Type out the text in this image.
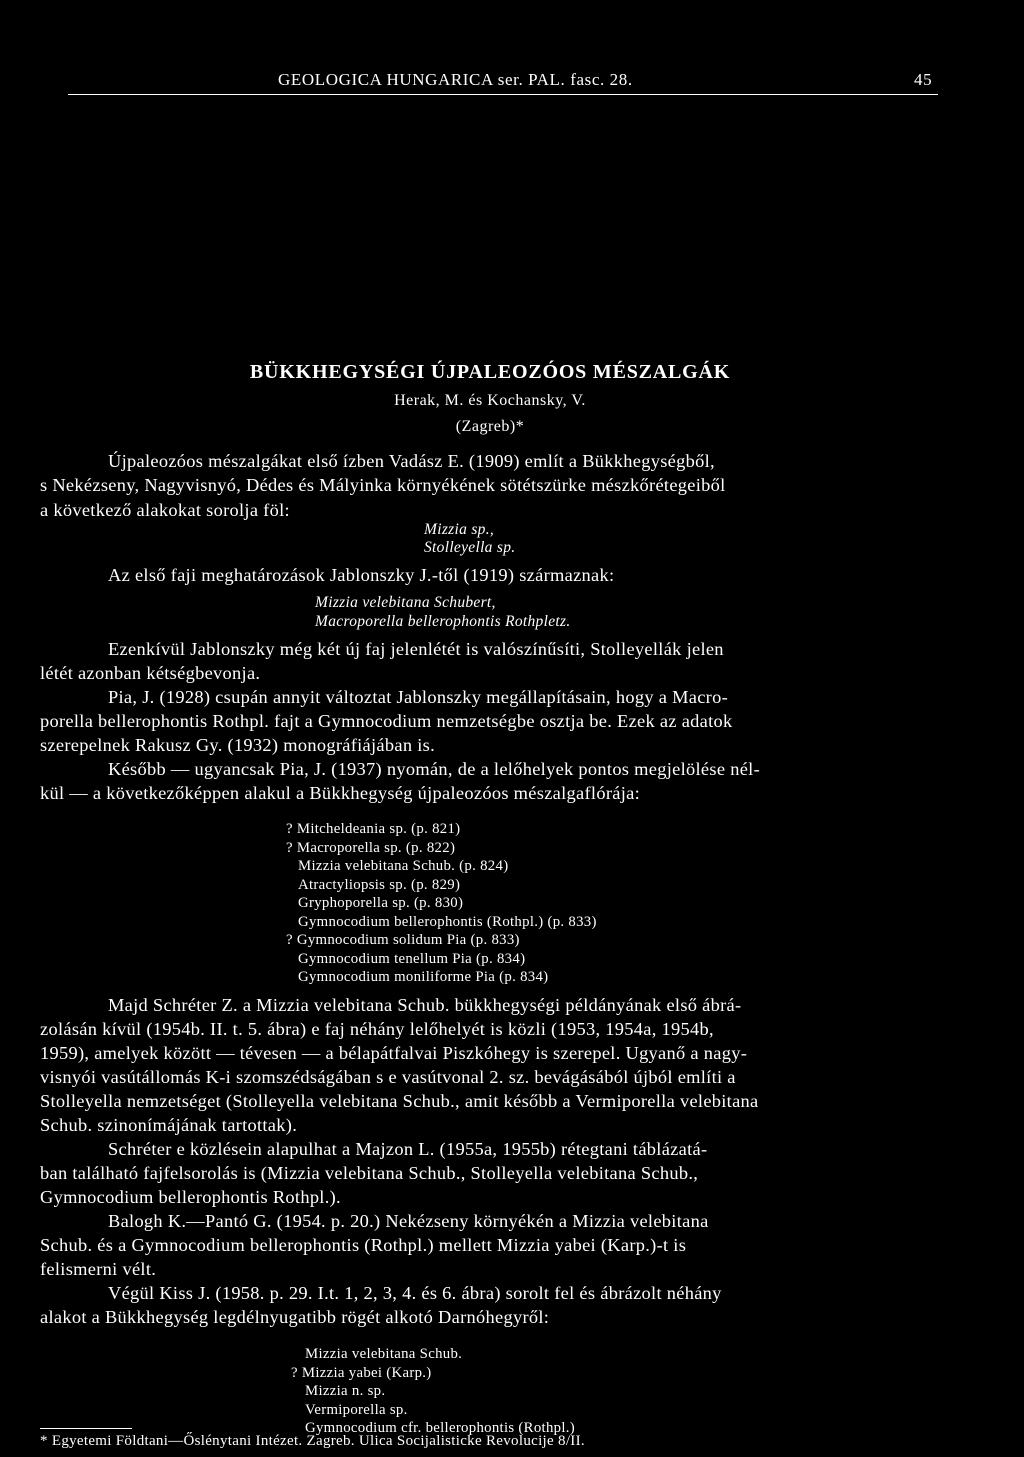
GEOLOGICA HUNGARICA ser. PAL. fasc. 28.	45
BÜKKHEGYSÉGI ÚJPALEOZÓOS MÉSZALGÁK
Herak, M. és Kochansky, V.
(Zagreb)*
Újpaleozóos mészalgákat első ízben Vadász E. (1909) említ a Bükkhegységből,
s Nekézseny, Nagyvisnyó, Dédes és Mályinka környékének sötétszürke mészkőrétegeiből
a következő alakokat sorolja föl:
Mizzia sp.,
Stolleyella sp.
Az első faji meghatározások Jablonszky J.-től (1919) származnak:
Mizzia velebitana Schubert,
Macroporella bellerophontis Rothpletz.
Ezenkívül Jablonszky még két új faj jelenlétét is valószínűsíti, Stolleyellák jelen
létét azonban kétségbevonja.
Pia, J. (1928) csupán annyit változtat Jablonszky megállapításain, hogy a Macro-
porella bellerophontis Rothpl. fajt a Gymnocodium nemzetségbe osztja be. Ezek az adatok
szerepelnek Rakusz Gy. (1932) monográfiájában is.
Később — ugyancsak Pia, J. (1937) nyomán, de a lelőhelyek pontos megjelölése nél-
kül — a következőképpen alakul a Bükkhegység újpaleozóos mészalgaflórája:
? Mitcheldeania sp. (p. 821)
? Macroporella sp. (p. 822)
Mizzia velebitana Schub. (p. 824)
Atractyliopsis sp. (p. 829)
Gryphoporella sp. (p. 830)
Gymnocodium bellerophontis (Rothpl.) (p. 833)
? Gymnocodium solidum Pia (p. 833)
Gymnocodium tenellum Pia (p. 834)
Gymnocodium moniliforme Pia (p. 834)
Majd Schréter Z. a Mizzia velebitana Schub. bükkhegységi példányának első ábrá-
zolásán kívül (1954b. II. t. 5. ábra) e faj néhány lelőhelyét is közli (1953, 1954a, 1954b,
1959), amelyek között — tévesen — a bélapátfalvai Piszkóhegy is szerepel. Ugyanő a nagy-
visnyói vasútállomás K-i szomszédságában s e vasútvonal 2. sz. bevágásából újból említi a
Stolleyella nemzetséget (Stolleyella velebitana Schub., amit később a Vermiporella velebitana
Schub. szinonímájának tartottak).
Schréter e közlésein alapulhat a Majzon L. (1955a, 1955b) rétegtani táblázatá-
ban található fajfelsorolás is (Mizzia velebitana Schub., Stolleyella velebitana Schub.,
Gymnocodium bellerophontis Rothpl.).
Balogh K.—Pantó G. (1954. p. 20.) Nekézseny környékén a Mizzia velebitana
Schub. és a Gymnocodium bellerophontis (Rothpl.) mellett Mizzia yabei (Karp.)-t is
felismerni vélt.
Végül Kiss J. (1958. p. 29. I.t. 1, 2, 3, 4. és 6. ábra) sorolt fel és ábrázolt néhány
alakot a Bükkhegység legdélnyugatibb rögét alkotó Darnóhegyről:
Mizzia velebitana Schub.
? Mizzia yabei (Karp.)
Mizzia n. sp.
Vermiporella sp.
Gymnocodium cfr. bellerophontis (Rothpl.)
* Egyetemi Földtani—Őslénytani Intézet. Zagreb. Ulica Socijalisticke Revolucije 8/II.
